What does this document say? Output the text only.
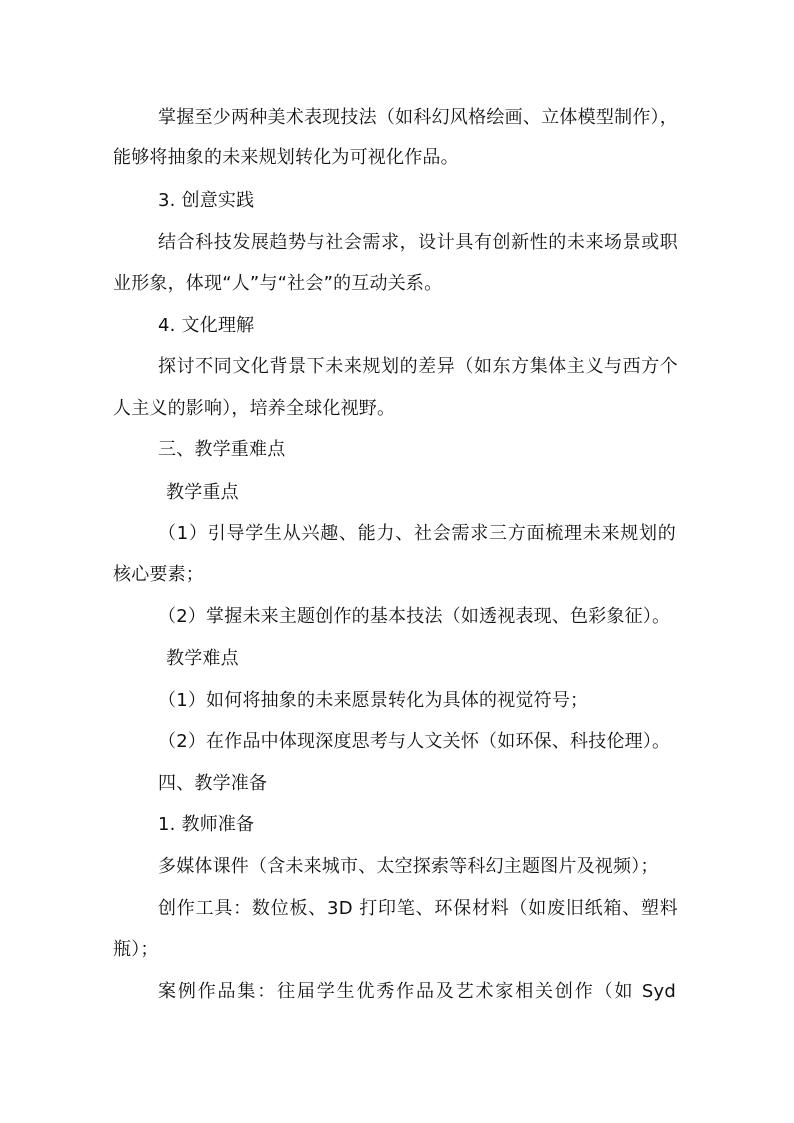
掌握至少两种美术表现技法（如科幻风格绘画、立体模型制作），
能够将抽象的未来规划转化为可视化作品。
3. 创意实践
结合科技发展趋势与社会需求，设计具有创新性的未来场景或职
业形象，体现“人”与“社会”的互动关系。
4. 文化理解
探讨不同文化背景下未来规划的差异（如东方集体主义与西方个
人主义的影响），培养全球化视野。
三、教学重难点
教学重点
（1）引导学生从兴趣、能力、社会需求三方面梳理未来规划的
核心要素；
（2）掌握未来主题创作的基本技法（如透视表现、色彩象征）。
教学难点
（1）如何将抽象的未来愿景转化为具体的视觉符号；
（2）在作品中体现深度思考与人文关怀（如环保、科技伦理）。
四、教学准备
1. 教师准备
多媒体课件（含未来城市、太空探索等科幻主题图片及视频）；
创作工具：数位板、3D 打印笔、环保材料（如废旧纸箱、塑料
瓶）；
案例作品集：往届学生优秀作品及艺术家相关创作（如 Syd
